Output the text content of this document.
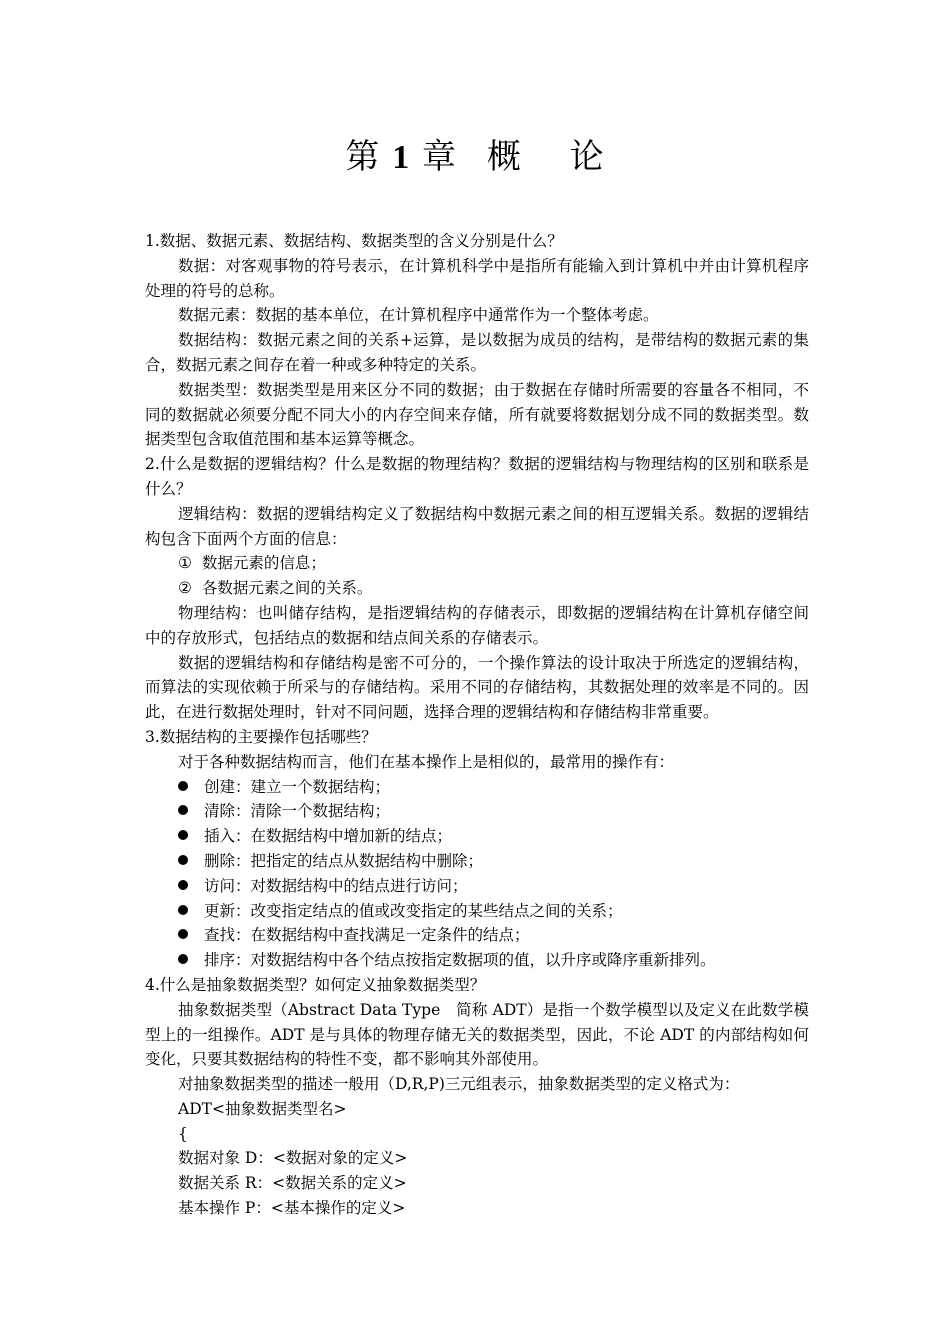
第 1 章 概 论

1.数据、数据元素、数据结构、数据类型的含义分别是什么？

数据：对客观事物的符号表示，在计算机科学中是指所有能输入到计算机中并由计算机程序处理的符号的总称。

数据元素：数据的基本单位，在计算机程序中通常作为一个整体考虑。

数据结构：数据元素之间的关系+运算，是以数据为成员的结构，是带结构的数据元素的集合，数据元素之间存在着一种或多种特定的关系。

数据类型：数据类型是用来区分不同的数据；由于数据在存储时所需要的容量各不相同，不同的数据就必须要分配不同大小的内存空间来存储，所有就要将数据划分成不同的数据类型。数据类型包含取值范围和基本运算等概念。

2.什么是数据的逻辑结构？什么是数据的物理结构？数据的逻辑结构与物理结构的区别和联系是什么？

逻辑结构：数据的逻辑结构定义了数据结构中数据元素之间的相互逻辑关系。数据的逻辑结构包含下面两个方面的信息：

① 数据元素的信息；

② 各数据元素之间的关系。

物理结构：也叫储存结构，是指逻辑结构的存储表示，即数据的逻辑结构在计算机存储空间中的存放形式，包括结点的数据和结点间关系的存储表示。

数据的逻辑结构和存储结构是密不可分的，一个操作算法的设计取决于所选定的逻辑结构，而算法的实现依赖于所采与的存储结构。采用不同的存储结构，其数据处理的效率是不同的。因此，在进行数据处理时，针对不同问题，选择合理的逻辑结构和存储结构非常重要。

3.数据结构的主要操作包括哪些？

对于各种数据结构而言，他们在基本操作上是相似的，最常用的操作有：

创建：建立一个数据结构；

清除：清除一个数据结构；

插入：在数据结构中增加新的结点；

删除：把指定的结点从数据结构中删除；

访问：对数据结构中的结点进行访问；

更新：改变指定结点的值或改变指定的某些结点之间的关系；

查找：在数据结构中查找满足一定条件的结点；

排序：对数据结构中各个结点按指定数据项的值，以升序或降序重新排列。

4.什么是抽象数据类型？如何定义抽象数据类型？

抽象数据类型（Abstract Data Type　简称 ADT）是指一个数学模型以及定义在此数学模型上的一组操作。ADT 是与具体的物理存储无关的数据类型，因此，不论 ADT 的内部结构如何变化，只要其数据结构的特性不变，都不影响其外部使用。

对抽象数据类型的描述一般用（D,R,P)三元组表示，抽象数据类型的定义格式为：

ADT<抽象数据类型名>

{

数据对象 D：<数据对象的定义>

数据关系 R：<数据关系的定义>

基本操作 P：<基本操作的定义>
